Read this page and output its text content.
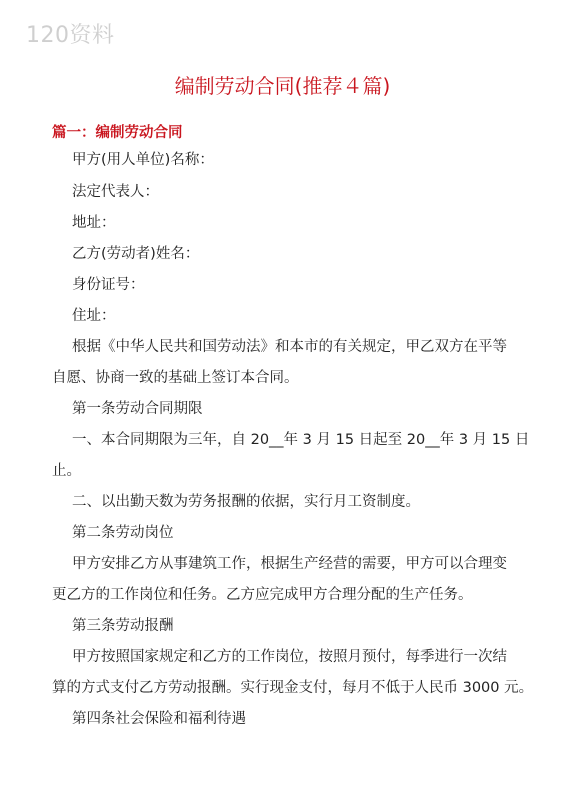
120资料
编制劳动合同(推荐４篇)
篇一：编制劳动合同
甲方(用人单位)名称：
法定代表人：
地址：
乙方(劳动者)姓名：
身份证号：
住址：
根据《中华人民共和国劳动法》和本市的有关规定，甲乙双方在平等
自愿、协商一致的基础上签订本合同。
第一条劳动合同期限
一、本合同期限为三年，自 20__年 3 月 15 日起至 20__年 3 月 15 日
止。
二、以出勤天数为劳务报酬的依据，实行月工资制度。
第二条劳动岗位
甲方安排乙方从事建筑工作，根据生产经营的需要，甲方可以合理变
更乙方的工作岗位和任务。乙方应完成甲方合理分配的生产任务。
第三条劳动报酬
甲方按照国家规定和乙方的工作岗位，按照月预付，每季进行一次结
算的方式支付乙方劳动报酬。实行现金支付，每月不低于人民币 3000 元。
第四条社会保险和福利待遇
